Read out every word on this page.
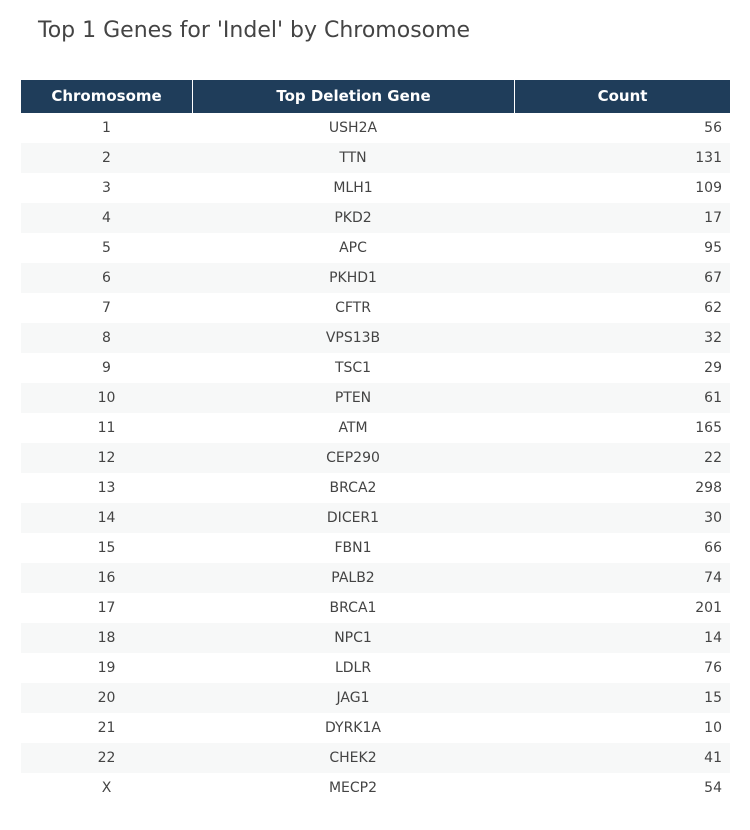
Top 1 Genes for 'Indel' by Chromosome
Chromosome	Top Deletion Gene	Count
1	USH2A	56
2	TTN	131
3	MLH1	109
4	PKD2	17
5	APC	95
6	PKHD1	67
7	CFTR	62
8	VPS13B	32
9	TSC1	29
10	PTEN	61
11	ATM	165
12	CEP290	22
13	BRCA2	298
14	DICER1	30
15	FBN1	66
16	PALB2	74
17	BRCA1	201
18	NPC1	14
19	LDLR	76
20	JAG1	15
21	DYRK1A	10
22	CHEK2	41
X	MECP2	54
